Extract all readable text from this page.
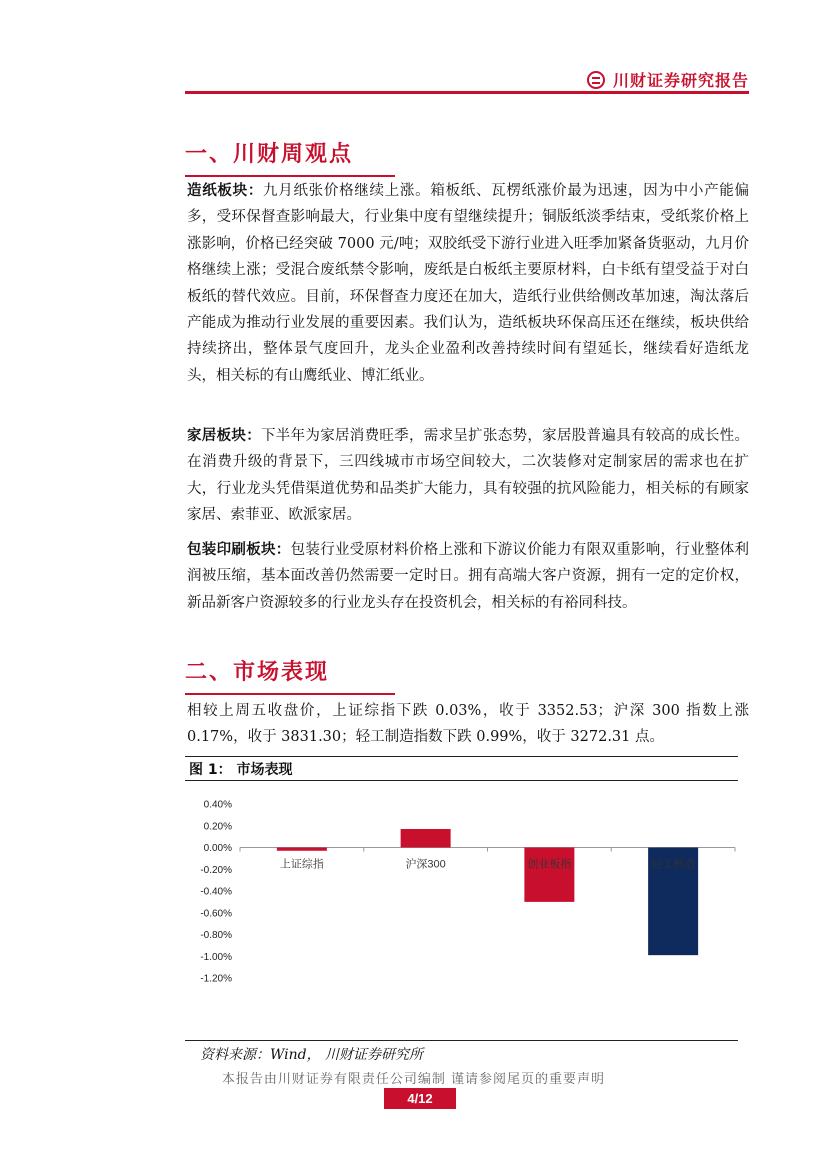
川财证券研究报告
一、川财周观点
造纸板块：九月纸张价格继续上涨。箱板纸、瓦楞纸涨价最为迅速，因为中小产能偏多，受环保督查影响最大，行业集中度有望继续提升；铜版纸淡季结束，受纸浆价格上涨影响，价格已经突破 7000 元/吨；双胶纸受下游行业进入旺季加紧备货驱动，九月价格继续上涨；受混合废纸禁令影响，废纸是白板纸主要原材料，白卡纸有望受益于对白板纸的替代效应。目前，环保督查力度还在加大，造纸行业供给侧改革加速，淘汰落后产能成为推动行业发展的重要因素。我们认为，造纸板块环保高压还在继续，板块供给持续挤出，整体景气度回升，龙头企业盈利改善持续时间有望延长，继续看好造纸龙头，相关标的有山鹰纸业、博汇纸业。
家居板块：下半年为家居消费旺季，需求呈扩张态势，家居股普遍具有较高的成长性。在消费升级的背景下，三四线城市市场空间较大，二次装修对定制家居的需求也在扩大，行业龙头凭借渠道优势和品类扩大能力，具有较强的抗风险能力，相关标的有顾家家居、索菲亚、欧派家居。
包装印刷板块：包装行业受原材料价格上涨和下游议价能力有限双重影响，行业整体利润被压缩，基本面改善仍然需要一定时日。拥有高端大客户资源，拥有一定的定价权，新品新客户资源较多的行业龙头存在投资机会，相关标的有裕同科技。
二、市场表现
相较上周五收盘价，上证综指下跌 0.03%，收于 3352.53；沪深 300 指数上涨 0.17%，收于 3831.30；轻工制造指数下跌 0.99%，收于 3272.31 点。
图 1： 市场表现
0.40%
0.20%
0.00%
-0.20%
-0.40%
-0.60%
-0.80%
-1.00%
-1.20%
上证综指	沪深300	创业板指	轻工制造
资料来源：Wind， 川财证券研究所
本报告由川财证券有限责任公司编制 谨请参阅尾页的重要声明
4/12
